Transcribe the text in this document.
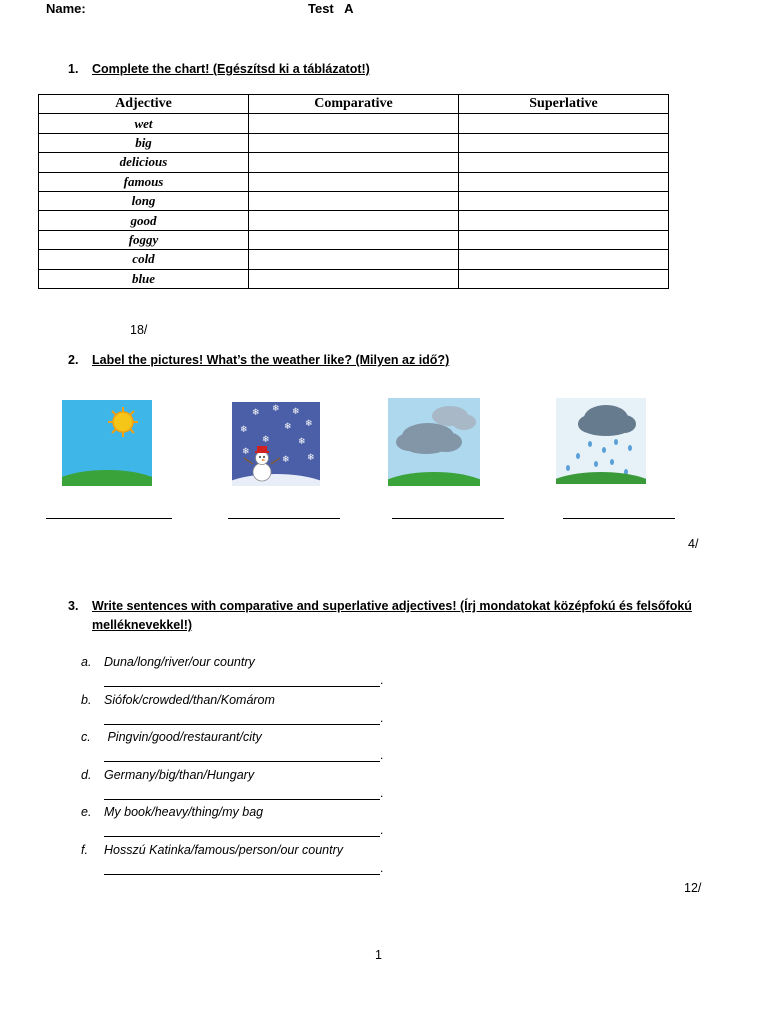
Name:	Test   A
1. Complete the chart! (Egészítsd ki a táblázatot!)
Adjective	Comparative	Superlative
wet		
big		
delicious		
famous		
long		
good		
foggy		
cold		
blue		
18/
2. Label the pictures! What’s the weather like? (Milyen az idő?)
❄ ❄ ❄
❄	❄ ❄
❄	❄
❄
❄ ❄
4/
3. Write sentences with comparative and superlative adjectives! (Írj mondatokat középfokú és felsőfokú
melléknevekkel!)
a. Duna/long/river/our country
.
b. Siófok/crowded/than/Komárom
.
c. Pingvin/good/restaurant/city
.
d. Germany/big/than/Hungary
.
e. My book/heavy/thing/my bag
.
f. Hosszú Katinka/famous/person/our country
.
12/
1
